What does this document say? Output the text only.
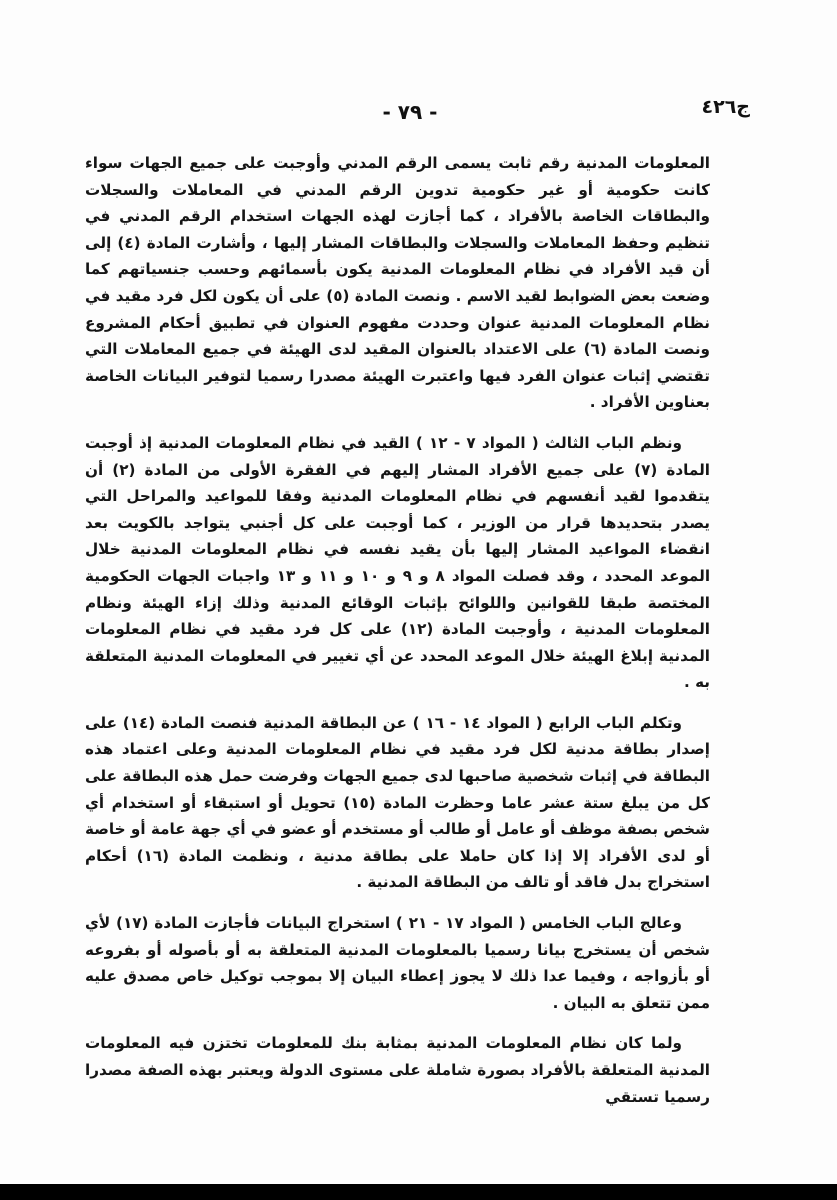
- ٧٩ -	ج٤٢٦

المعلومات المدنية رقم ثابت يسمى الرقم المدني وأوجبت على جميع الجهات سواء كانت حكومية أو غير حكومية تدوين الرقم المدني في المعاملات والسجلات والبطاقات الخاصة بالأفراد ، كما أجازت لهذه الجهات استخدام الرقم المدني في تنظيم وحفظ المعاملات والسجلات والبطاقات المشار إليها ، وأشارت المادة (٤) إلى أن قيد الأفراد في نظام المعلومات المدنية يكون بأسمائهم وحسب جنسياتهم كما وضعت بعض الضوابط لقيد الاسم . ونصت المادة (٥) على أن يكون لكل فرد مقيد في نظام المعلومات المدنية عنوان وحددت مفهوم العنوان في تطبيق أحكام المشروع ونصت المادة (٦) على الاعتداد بالعنوان المقيد لدى الهيئة في جميع المعاملات التي تقتضي إثبات عنوان الفرد فيها واعتبرت الهيئة مصدرا رسميا لتوفير البيانات الخاصة بعناوين الأفراد .

ونظم الباب الثالث ( المواد ٧ - ١٢ ) القيد في نظام المعلومات المدنية إذ أوجبت المادة (٧) على جميع الأفراد المشار إليهم في الفقرة الأولى من المادة (٢) أن يتقدموا لقيد أنفسهم في نظام المعلومات المدنية وفقا للمواعيد والمراحل التي يصدر بتحديدها قرار من الوزير ، كما أوجبت على كل أجنبي يتواجد بالكويت بعد انقضاء المواعيد المشار إليها بأن يقيد نفسه في نظام المعلومات المدنية خلال الموعد المحدد ، وقد فصلت المواد ٨ و ٩ و ١٠ و ١١ و ١٣ واجبات الجهات الحكومية المختصة طبقا للقوانين واللوائح بإثبات الوقائع المدنية وذلك إزاء الهيئة ونظام المعلومات المدنية ، وأوجبت المادة (١٢) على كل فرد مقيد في نظام المعلومات المدنية إبلاغ الهيئة خلال الموعد المحدد عن أي تغيير في المعلومات المدنية المتعلقة به .

وتكلم الباب الرابع ( المواد ١٤ - ١٦ ) عن البطاقة المدنية فنصت المادة (١٤) على إصدار بطاقة مدنية لكل فرد مقيد في نظام المعلومات المدنية وعلى اعتماد هذه البطاقة في إثبات شخصية صاحبها لدى جميع الجهات وفرضت حمل هذه البطاقة على كل من يبلغ ستة عشر عاما وحظرت المادة (١٥) تحويل أو استبقاء أو استخدام أي شخص بصفة موظف أو عامل أو طالب أو مستخدم أو عضو في أي جهة عامة أو خاصة أو لدى الأفراد إلا إذا كان حاملا على بطاقة مدنية ، ونظمت المادة (١٦) أحكام استخراج بدل فاقد أو تالف من البطاقة المدنية .

وعالج الباب الخامس ( المواد ١٧ - ٢١ ) استخراج البيانات فأجازت المادة (١٧) لأي شخص أن يستخرج بيانا رسميا بالمعلومات المدنية المتعلقة به أو بأصوله أو بفروعه أو بأزواجه ، وفيما عدا ذلك لا يجوز إعطاء البيان إلا بموجب توكيل خاص مصدق عليه ممن تتعلق به البيان .

ولما كان نظام المعلومات المدنية بمثابة بنك للمعلومات تختزن فيه المعلومات المدنية المتعلقة بالأفراد بصورة شاملة على مستوى الدولة ويعتبر بهذه الصفة مصدرا رسميا تستقي
